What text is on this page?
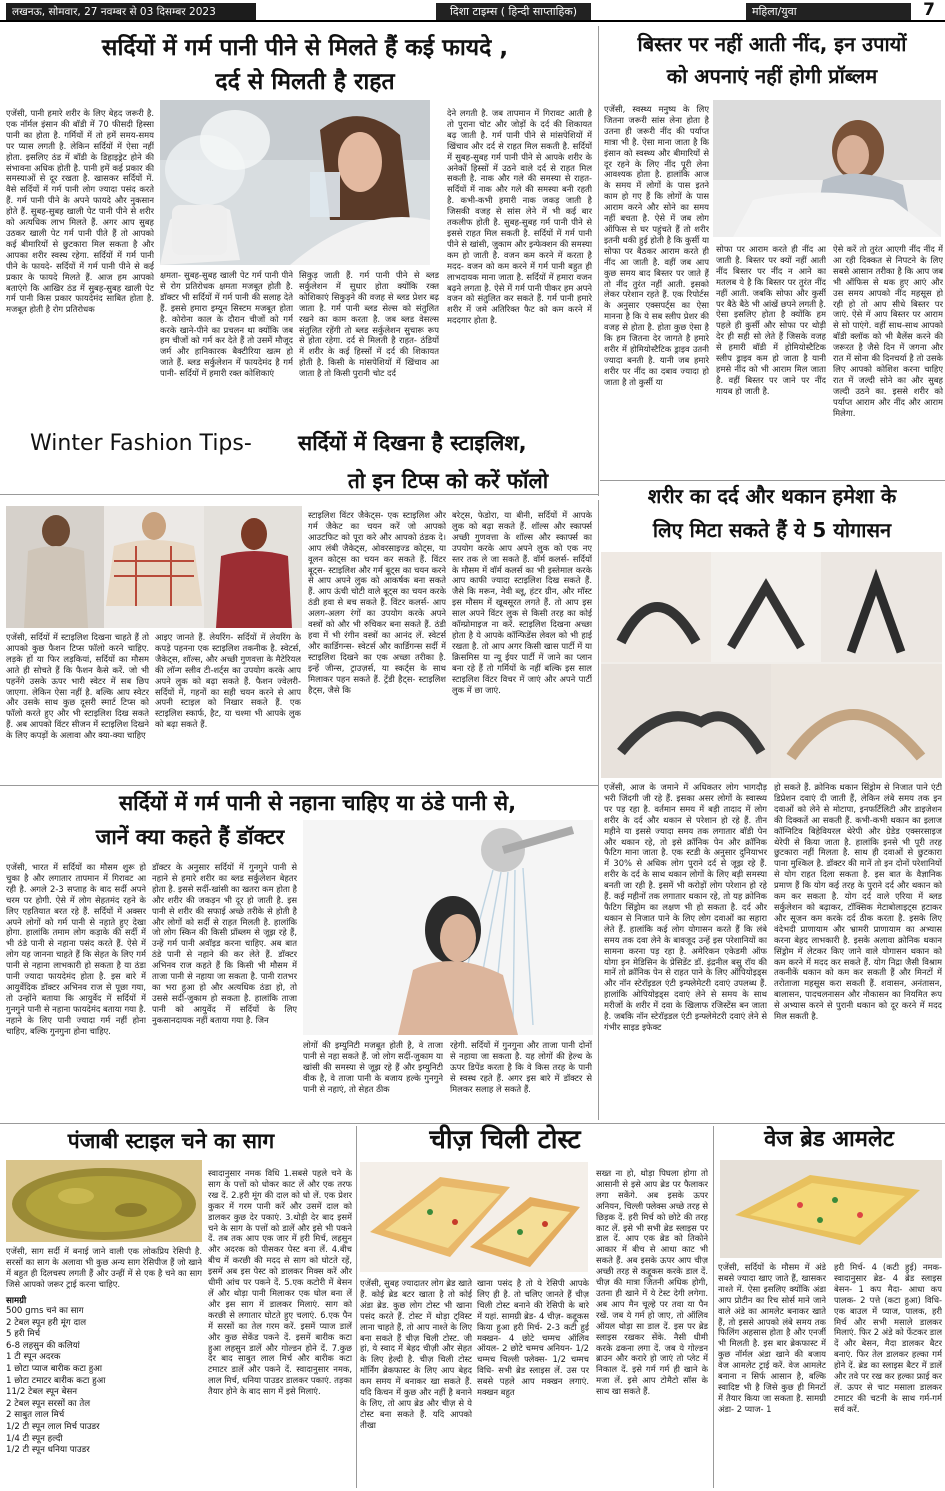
लखनऊ, सोमवार, 27 नवम्बर से 03 दिसम्बर 2023	दिशा टाइम्स ( हिन्दी साप्ताहिक)	महिला/युवा	7
सर्दियों में गर्म पानी पीने से मिलते हैं कई फायदे ,
दर्द से मिलती है राहत
एजेंसी, पानी हमारे शरीर के लिए बेहद जरूरी है. एक नॉर्मल इंसान की बॉडी में 70 फीसदी हिस्सा पानी का होता है. गर्मियों में तो हमें समय-समय पर प्यास लगती है. लेकिन सर्दियों में ऐसा नहीं होता. इसलिए ठंड में बॉडी के डिहाइड्रेट होने की संभावना अधिक होती है. पानी हमें कई प्रकार की समस्याओं से दूर रखता है. खासकर सर्दियों में. वैसे सर्दियों में गर्म पानी लोग ज्यादा पसंद करते हैं. गर्म पानी पीने के अपने फायदे और नुकसान होते हैं. सुबह-सुबह खाली पेट पानी पीने से शरीर को अत्यधिक लाभ मिलते हैं. अगर आप सुबह उठकर खाली पेट गर्म पानी पीते हैं तो आपको कई बीमारियों से छुटकारा मिल सकता है और आपका शरीर स्वस्थ रहेगा. सर्दियों में गर्म पानी पीने के फायदे- सर्दियों में गर्म पानी पीने से कई प्रकार के फायदे मिलते हैं. आज हम आपको बताएंगे कि आखिर ठंड में सुबह-सुबह खाली पेट गर्म पानी किस प्रकार फायदेमंद साबित होता है. मजबूत होती है रोग प्रतिरोधक
क्षमता- सुबह-सुबह खाली पेट गर्म पानी पीने से रोग प्रतिरोधक क्षमता मजबूत होती है. डॉक्टर भी सर्दियों में गर्म पानी की सलाह देते हैं. इससे हमारा इम्यून सिस्टम मजबूत होता है. कोरोना काल के दौरान चीजों को गर्म करके खाने-पीने का प्रचलन था क्योंकि जब हम चीजों को गर्म कर देते हैं तो उसमें मौजूद जर्म और हानिकारक बैक्टीरिया खत्म हो जाते हैं. ब्लड सर्कुलेशन में फायदेमंद है गर्म पानी- सर्दियों में हमारी रक्त कोशिकाएं
सिकुड़ जाती हैं. गर्म पानी पीने से ब्लड सर्कुलेशन में सुधार होता क्योंकि रक्त कोशिकाएं सिकुड़ने की वजह से ब्लड प्रेशर बढ़ जाता है. गर्म पानी ब्लड सेल्स को संतुलित रखने का काम करता है. जब ब्लड वेसल्स संतुलित रहेंगी तो ब्लड सर्कुलेशन सुचारू रूप से होता रहेगा. दर्द से मिलती है राहत- ठंडियों में शरीर के कई हिस्सों में दर्द की शिकायत होती है. किसी के मांसपेशियों में खिंचाव आ जाता है तो किसी पुरानी चोट दर्द
देने लगती है. जब तापमान में गिरावट आती है तो पुराना चोट और जोड़ों के दर्द की शिकायत बढ़ जाती है. गर्म पानी पीने से मांसपेशियों में खिंचाव और दर्द से राहत मिल सकती है. सर्दियों में सुबह-सुबह गर्म पानी पीने से आपके शरीर के अनेकों हिस्सों में उठने वाले दर्द से राहत मिल सकती है. नाक और गले की समस्या से राहत- सर्दियों में नाक और गले की समस्या बनी रहती है. कभी-कभी हमारी नाक जकड़ जाती है जिसकी वजह से सांस लेने में भी कई बार तकलीफ होती है. सुबह-सुबह गर्म पानी पीने से इससे राहत मिल सकती है. सर्दियों में गर्म पानी पीने से खांसी, जुकाम और इन्फेक्शन की समस्या कम हो जाती है. वजन कम करने में करता है मदद- वजन को कम करने में गर्म पानी बहुत ही लाभदायक माना जाता है. सर्दियों में हमारा वजन बढ़ने लगता है. ऐसे में गर्म पानी पीकर हम अपने वजन को संतुलित कर सकते हैं. गर्म पानी हमारे शरीर में जमे अतिरिक्त फैट को कम करने में मददगार होता है.
बिस्तर पर नहीं आती नींद, इन उपायों
को अपनाएं नहीं होगी प्रॉब्लम
एजेंसी, स्वस्थ्य मनुष्य के लिए जितना जरूरी सांस लेना होता है उतना ही जरूरी नींद की पर्याप्त मात्रा भी है. ऐसा माना जाता है कि इंसान को स्वस्थ्य और बीमारियों से दूर रहने के लिए नींद पूरी लेना आवश्यक होता है. हालांकि आज के समय में लोगों के पास इतने काम हो गए हैं कि लोगों के पास आराम करने और सोने का समय नहीं बचता है. ऐसे में जब लोग ऑफिस से घर पहुंचते हैं तो शरीर इतनी थकी हुई होती है कि कुर्सी या सोफा पर बैठकर आराम करते ही नींद आ जाती है. वहीं जब आप कुछ समय बाद बिस्तर पर जाते हैं तो नींद तुरंत नहीं आती. इसको लेकर परेशान रहते हैं. एक रिपोर्टस के अनुसार एक्सपर्ट्स का ऐसा मानना है कि ये सब स्लीप प्रेशर की वजह से होता है. होता कुछ ऐसा है कि हम जितना देर जागते है हमारे शरीर में होमियोस्टैटिक ड्राइव उतनी ज्यादा बनती है. यानी जब हमारे शरीर पर नींद का दबाव ज्यादा हो जाता है तो कुर्सी या
सोफा पर आराम करते ही नींद आ जाती है. बिस्तर पर क्यों नहीं आती नींद बिस्तर पर नींद न आने का मतलब ये है कि बिस्तर पर तुरंत नींद नहीं आती. जबकि सोफा और कुर्सी पर बैठे बैठे भी आंखें छपने लगती है. ऐसा इसलिए होता है क्योंकि हम पहले ही कुर्सी और सोफा पर थोड़ी देर ही सही सो लेते हैं जिसके वजह से हमारी बॉडी में होमियोस्टैटिक स्लीप ड्राइव कम हो जाता है यानी हमसे नींद को भी आराम मिल जाता है. वहीं बिस्तर पर जाने पर नींद गायब हो जाती है.
ऐसे करें तो तुरंत आएगी नींद नींद में आ रही दिक्कत से निपटने के लिए सबसे आसान तरीका है कि आप जब भी ऑफिस से थक हुए आएं और उस समय आपको नींद महसूस हो रही हो तो आप सीधे बिस्तर पर जाएं. ऐसे में आप बिस्तर पर आराम से सो पाएंगे. वहीं साथ-साथ आपको बॉडी क्लॉक को भी बैलेंस करने की जरूरत है जैसे दिन में जगना और रात में सोना की दिनचर्या है तो उसके लिए आपको कोशिश करना चाहिए रात में जल्दी सोने का और सुबह जल्दी उठने का. इससे शरीर को पर्याप्त आराम और नींद और आराम मिलेगा.
Winter Fashion Tips-	सर्दियों में दिखना है स्टाइलिश,
तो इन टिप्स को करें फॉलो
एजेंसी, सर्दियों में स्टाइलिश दिखना चाहते हैं तो आपको कुछ फैशन टिप्स फॉलो करने चाहिए. लड़के हों या फिर लड़कियां, सर्दियों का मौसम आते ही सोचते हैं कि फैशन कैसे करें. जो भी पहनेंगे उसके ऊपर भारी स्वेटर में सब छिप जाएगा. लेकिन ऐसा नहीं है. बल्कि आप स्वेटर और उसके साथ कुछ दूसरी स्मार्ट टिप्स को फॉलो करते हुए और भी स्टाइलिश दिख सकते हैं. अब आपको विंटर सीजन में स्टाइलिश दिखने के लिए कपड़ों के अलावा और क्या-क्या चाहिए
आइए जानते हैं. लेयरिंग- सर्दियों में लेयरिंग के कपड़े पहनना एक स्टाइलिश तकनीक है. स्वेटर्स, जैकेट्स, शॉल्स, और अच्छी गुणवत्ता के मैटेरियल की लॉन्ग स्लीव टी-शर्ट्स का उपयोग करके आप अपने लुक को बढ़ा सकते हैं. फैशन ज्वेलरी- सर्दियों में, गहनों का सही चयन करने से आप अपनी स्टाइल को निखार सकते हैं. एक स्टाइलिश स्कार्फ, हैट, या चश्मा भी आपके लुक को बढ़ा सकते हैं.
स्टाइलिश विंटर जैकेट्स- एक स्टाइलिश और गर्म जैकेट का चयन करें जो आपको आउटफिट को पूरा करे और आपको ठंडक दे। आप लंबी जैकेट्स, ओवरसाइज्ड कोट्स, या वूलन कोट्स का चयन कर सकते हैं. विंटर बूट्स- स्टाइलिश और गर्म बूट्स का चयन करने से आप अपने लुक को आकर्षक बना सकते हैं. आप ऊंची चोटी वाले बूट्स का चयन करके ठंडी हवा से बच सकते हैं. विंटर कलर्स- आप अलग-अलग रंगों का उपयोग करके अपने वस्त्रों को और भी रुचिकर बना सकते हैं. ठंडी हवा में भी रंगीन वस्त्रों का आनंद लें. स्वेटर्स और कार्डिगन्स- स्वेटर्स और कार्डिगन्स सर्दी में स्टाइलिश दिखने का एक अच्छा तरीका है. इन्हें जीन्स, ट्राउज़र्स, या स्कर्ट्स के साथ मिलाकर पहन सकते हैं. ट्रेंडी हैट्स- स्टाइलिश हैट्स, जैसे कि
बरेट्स, फेडोरा, या बीनी, सर्दियों में आपके लुक को बढ़ा सकते हैं. शॉल्स और स्कार्फ्स अच्छी गुणवत्ता के शॉल्स और स्कार्फ्स का उपयोग करके आप अपने लुक को एक नए स्तर तक ले जा सकते हैं. वॉर्म कलर्स- सर्दियों के मौसम में वॉर्म कलर्स का भी इस्तेमाल करके आप काफी ज्यादा स्टाइलिश दिख सकते हैं. जैसे कि मरून, नेवी ब्लू, हंटर ग्रीन, और मॉस्ट इस मौसम में खूबसूरत लगते हैं. तो आप इस साल अपने विंटर लुक से किसी तरह का कोई कॉम्प्रोमाइज ना करें. स्टाइलिश दिखना अच्छा होता है ये आपके कॉन्फिडेंस लेवल को भी हाई रखता है. तो आप अगर किसी खास पार्टी में या क्रिसमिस या न्यू ईयर पार्टी में जाने का प्लान बना रहे हैं तो गर्मियों के नहीं बल्कि इस साल स्टाइलिश विंटर विचर में जाएं और अपने पार्टी लुक में छा जाएं.
शरीर का दर्द और थकान हमेशा के
लिए मिटा सकते हैं ये 5 योगासन
एजेंसी, आज के जमाने में अधिकतर लोग भागदौड़ भरी जिंदगी जी रहे हैं. इसका असर लोगों के स्वास्थ्य पर पड़ रहा है. वर्तमान समय में बड़ी तादाद में लोग शरीर के दर्द और थकान से परेशान हो रहे हैं. तीन महीने या इससे ज्यादा समय तक लगातार बॉडी पेन और थकान रहे, तो इसे क्रॉनिक पेन और क्रॉनिक फैटिग माना जाता है. एक स्टडी के अनुसार दुनियाभर में 30% से अधिक लोग पुराने दर्द से जूझ रहे हैं. शरीर के दर्द के साथ थकान लोगों के लिए बड़ी समस्या बनती जा रही है. इसमें भी करोड़ों लोग परेशान हो रहे हैं. कई महीनों तक लगातार थकान रहे, तो यह क्रोनिक फैटिग सिंड्रोम का लक्षण भी हो सकता है. दर्द और थकान से निजात पाने के लिए लोग दवाओं का सहारा लेते हैं. हालांकि कई लोग योगासन करते हैं कि लंबे समय तक दवा लेने के बावजूद उन्हें इस परेशानियों का सामना करना पड़ रहा है. अमेरिकन एकेडमी ऑफ योगा इन मेडिसिन के प्रेसिडेंट डॉ. इंद्रनील बसु राॅय की मानें तो क्रॉनिक पेन से राहत पाने के लिए ऑपियोइड्स और नॉन स्टेरॉइडल एंटी इन्फ्लेमेटरी दवाएं उपलब्ध हैं. हालांकि ओपियोइड्स दवाएं लेने से समय के साथ मरीजों के शरीर में दवा के खिलाफ रजिस्टेंस बन जाता है. जबकि नॉन स्टेरॉइडल एंटी इन्फ्लेमेटरी दवाएं लेने से गंभीर साइड इफेक्ट
हो सकते हैं. क्रोनिक थकान सिंड्रोम से निजात पाने एंटी डिप्रेशन दवाएं दी जाती हैं, लेकिन लंबे समय तक इन दवाओं को लेने से मोटापा, इनफर्टिलिटी और डाइजेशन की दिक्कतें आ सकती हैं. कभी-कभी थकान का इलाज कॉग्निटिव बिहेवियरल थेरेपी और ग्रेडेड एक्सरसाइज थेरेपी से किया जाता है. हालांकि इनसे भी पूरी तरह छुटकारा नहीं मिलता है. साथ ही दवाओं से छुटकारा पाना मुश्किल है. डॉक्टर की मानें तो इन दोनों परेशानियों से योग राहत दिला सकता है. इस बात के वैज्ञानिक प्रमाण हैं कि योग कई तरह के पुराने दर्द और थकान को कम कर सकता है. योग दर्द वाले एरिया में ब्लड सर्कुलेशन को बढ़ाकर, टॉक्सिक मेटाबोलाइट्स हटाकर और सूजन कम करके दर्द ठीक करता है. इसके लिए वंदेभदी प्राणायाम और भ्रामरी प्राणायाम का अभ्यास करना बेहद लाभकारी है. इसके अलावा क्रोनिक थकान सिंड्रोम में लेटकर किए जाने वाले योगासन थकान को कम करने में मदद कर सकते हैं. योग निद्रा जैसी विश्राम तकनीकें थकान को कम कर सकती हैं और मिनटों में तरोताजा महसूस करा सकती हैं. शवासन, अनंतासन, बालासन, पादचलनासन और नौकासन का नियमित रूप से अभ्यास करने से पुरानी थकान को दूर करने में मदद मिल सकती है.
सर्दियों में गर्म पानी से नहाना चाहिए या ठंडे पानी से,
जानें क्या कहते हैं डॉक्टर
एजेंसी, भारत में सर्दियों का मौसम शुरू हो चुका है और लगातार तापमान में गिरावट आ रही है. अगले 2-3 सप्ताह के बाद सर्दी अपने चरम पर होगी. ऐसे में लोग सेहतमंद रहने के लिए एहतियात बरत रहे हैं. सर्दियों में अक्सर अपने लोगों को गर्म पानी से नहाते हुए देखा होगा. हालांकि तमाम लोग कड़ाके की सर्दी में भी ठंडे पानी से नहाना पसंद करते हैं. ऐसे में लोग यह जानना चाहते हैं कि सेहत के लिए गर्म पानी से नहाना लाभकारी हो सकता है या ठंडा पानी ज्यादा फायदेमंद होता है. इस बारे में आयुर्वेदिक डॉक्टर अभिनव राज से पूछा गया, तो उन्होंने बताया कि आयुर्वेद में सर्दियों में गुनगुने पानी से नहाना फायदेमंद बताया गया है. नहाने के लिए पानी ज्यादा गर्म नहीं होना चाहिए, बल्कि गुनगुना होना चाहिए.
डॉक्टर के अनुसार सर्दियों में गुनगुने पानी से नहाने से हमारे शरीर का ब्लड सर्कुलेशन बेहतर होता है. इससे सर्दी-खांसी का खतरा कम होता है और शरीर की जकड़न भी दूर हो जाती है. इस पानी से शरीर की सफाई अच्छे तरीके से होती है और लोगों को सर्दी से राहत मिलती है. हालांकि जो लोग स्किन की किसी प्रॉब्लम से जूझ रहे हैं, उन्हें गर्म पानी अवॉइड करना चाहिए. अब बात ठंडे पानी से नहाने की कर लेते हैं. डॉक्टर अभिनव राज कहते हैं कि किसी भी मौसम में ताजा पानी से नहाया जा सकता है. पानी रातभर का भरा हुआ हो और अत्यधिक ठंडा हो, तो उससे सर्दी-जुकाम हो सकता है. हालांकि ताजा पानी को आयुर्वेद में सर्दियों के लिए नुकसानदायक नहीं बताया गया है. जिन
लोगों की इम्युनिटी मजबूत होती है, वे ताजा पानी से नहा सकते हैं. जो लोग सर्दी-जुकाम या खांसी की समस्या से जूझ रहे हैं और इम्युनिटी वीक है, वे ताजा पानी के बजाय हल्के गुनगुने पानी से नहाएं, तो सेहत ठीक
रहेगी. सर्दियों में गुनगुना और ताजा पानी दोनों से नहाया जा सकता है. यह लोगों की हेल्थ के ऊपर डिपेंड करता है कि वे किस तरह के पानी से स्वस्थ रहते हैं. अगर इस बारे में डॉक्टर से मिलकर सलाह ले सकते हैं.
पंजाबी स्टाइल चने का साग
एजेंसी, साग सर्दी में बनाई जाने वाली एक लोकप्रिय रेसिपी है. सरसों का साग के अलावा भी कुछ अन्य साग रेसिपीज हैं जो खाने में बहुत ही दिलचस्प लगती हैं और उन्हीं में से एक है चने का साग जिसे आपको जरूर ट्राई करना चाहिए.
सामग्री
500 gms चने का साग
2 टेबल स्पून हरी मूंग दाल
5 हरी मिर्च
6-8 लहसुन की कलियां
1 टी स्पून अदरक
1 छोटा प्याज बारीक कटा हुआ
1 छोटा टमाटर बारीक कटा हुआ
11/2 टेबल स्पून बेसन
2 टेबल स्पून सरसों का तेल
2 साबुत लाल मिर्च
1/2 टी स्पून लाल मिर्च पाउडर
1/4 टी स्पून हल्दी
1/2 टी स्पून धनिया पाउडर
स्वादानुसार नमक विधि 1.सबसे पहले चने के साग के पत्तों को धोकर काट लें और एक तरफ रख दें. 2.हरी मूंग की दाल को धो लें. एक प्रेशर कुकर में गरम पानी करें और उसमें दाल को डालकर कुछ देर पकाएं. 3.थोड़ी देर बाद इसमें चने के साग के पत्तों को डालें और इसे भी पकने दें. तब तक आप एक जार में हरी मिर्च, लहसुन और अदरक को पीसकर पेस्ट बना लें. 4.बीच बीच में करछी की मदद से साग को घोटते रहें, इसमें अब इस पेस्ट को डालकर मिक्स करें और धीमी आंच पर पकने दें. 5.एक कटोरी में बेसन लें और थोड़ा पानी मिलाकर एक घोल बना लें और इस साग में डालकर मिलाएं. साग को करछी से लगातार घोटते हुए चलाएं. 6.एक पैन में सरसों का तेल गरम करें. इसमें प्याज डालें और कुछ सेकेंड पकने दें. इसमें बारीक कटा हुआ लहसुन डालें और गोल्डन होने दें. 7.कुछ देर बाद साबुत लाल मिर्च और बारीक कटा टमाटर डालें और पकने दें. स्वादानुसार नमक, लाल मिर्च, धनिया पाउडर डालकर पकाएं. तड़का तैयार होने के बाद साग में इसे मिलाएं.
चीज़ चिली टोस्ट
एजेंसी, सुबह ज्यादातर लोग ब्रेड खाते हैं. कोई ब्रेड बटर खाता है तो कोई अंडा ब्रेड. कुछ लोग टोस्ट भी खाना पसंद करते हैं. टोस्ट में थोड़ा ट्विस्ट लाना चाहते हैं, तो आप नाश्ते के लिए बना सकते हैं चीज़ चिली टोस्ट. जी हां, ये स्वाद में बेहद चीज़ी और सेहत के लिए हेल्दी है. चीज़ चिली टोस्ट मॉर्निंग ब्रेकफास्ट के लिए आप बेहद कम समय में बनाकर खा सकते हैं. यदि किचन में कुछ और नहीं है बनाने के लिए, तो आप ब्रेड और चीज़ से ये टोस्ट बना सकते हैं. यदि आपको तीखा
खाना पसंद है तो ये रेसिपी आपके लिए ही है. तो चलिए जानते हैं चीज़ चिली टोस्ट बनाने की रेसिपी के बारे में यहां. सामग्री ब्रेड- 4 चीज़- कद्दूकस किया हुआ हरी मिर्च- 2-3 कटी हुई मक्खन- 4 छोटे चम्मच ऑलिव ऑयल- 2 छोटे चम्मच अनियन- 1/2 चम्मच चिल्ली फ्लेक्स- 1/2 चम्मच विधि- सभी ब्रेड स्लाइस लें. उस पर सबसे पहले आप मक्खन लगाएं. मक्खन बहुत
सख्त ना हो, थोड़ा पिघला होगा तो आसानी से इसे आप ब्रेड पर फैलाकर लगा सकेंगे. अब इसके ऊपर अनियन, चिल्ली फ्लेक्स अच्छे तरह से छिड़क दें. हरी मिर्च को छोटे की तरह काट लें. इसे भी सभी ब्रेड स्लाइस पर डाल दें. आप एक ब्रेड को तिकोने आकार में बीच से आधा काट भी सकते हैं. अब इसके ऊपर आप चीज़ अच्छी तरह से कद्दूकस करके डाल दें. चीज़ की मात्रा जितनी अधिक होगी, उतना ही खाने में ये टेस्ट देगी लगेगा. अब आप मैन चूल्हे पर तवा या पैन रखें. जब ये गर्म हो जाए, तो ऑलिव ऑयल थोड़ा सा डाल दें. इस पर ब्रेड स्लाइस रखकर सेंके. नैसी धीमी करके ढकना लगा दें. जब ये गोल्डन ब्राउन और करारे हो जाएं तो प्लेट में निकाल दें. इसे गर्म गर्म ही खाने के मजा लें. इसे आप टोमैटो सॉस के साथ खा सकते हैं.
वेज ब्रेड आमलेट
एजेंसी, सर्दियों के मौसम में अंडे सबसे ज्यादा खाए जाते हैं, खासकर नाश्ते में. ऐसा इसलिए क्योंकि अंडा आप प्रोटीन का रिच सोर्स माने जाने वाले अंडे का आमलेट बनाकर खाते हैं, तो इससे आपको लंबे समय तक फिलिंग अहसास होता है और एनर्जी भी मिलती है. इस बार ब्रेकफास्ट में कुछ नॉर्मल अंडा खाने की बजाय वेज आमलेट ट्राई करें. वेज आमलेट बनाना न सिर्फ आसान है, बल्कि स्वादिष्ट भी है जिसे कुछ ही मिनटों में तैयार किया जा सकता है. सामग्री अंडा- 2 प्याज- 1
हरी मिर्च- 4 (कटी हुई) नमक- स्वादानुसार ब्रेड- 4 ब्रेड स्लाइस बेसन- 1 कप मैदा- आधा कप पालक- 2 पत्ते (कटा हुआ) विधि- एक बाउल में प्याज, पालक, हरी मिर्च और सभी मसाले डालकर मिलाएं. फिर 2 अंडे को फेंटकर डाल दें और बेसन, मैदा डालकर बैटर बनाएं. फिर तेल डालकर हल्का गर्म होने दें. ब्रेड का स्लाइस बैटर में डालें और तवे पर रख कर हल्का फ्राई कर लें. ऊपर से चाट मसाला डालकर टमाटर की चटनी के साथ गर्म-गर्म सर्व करें.
